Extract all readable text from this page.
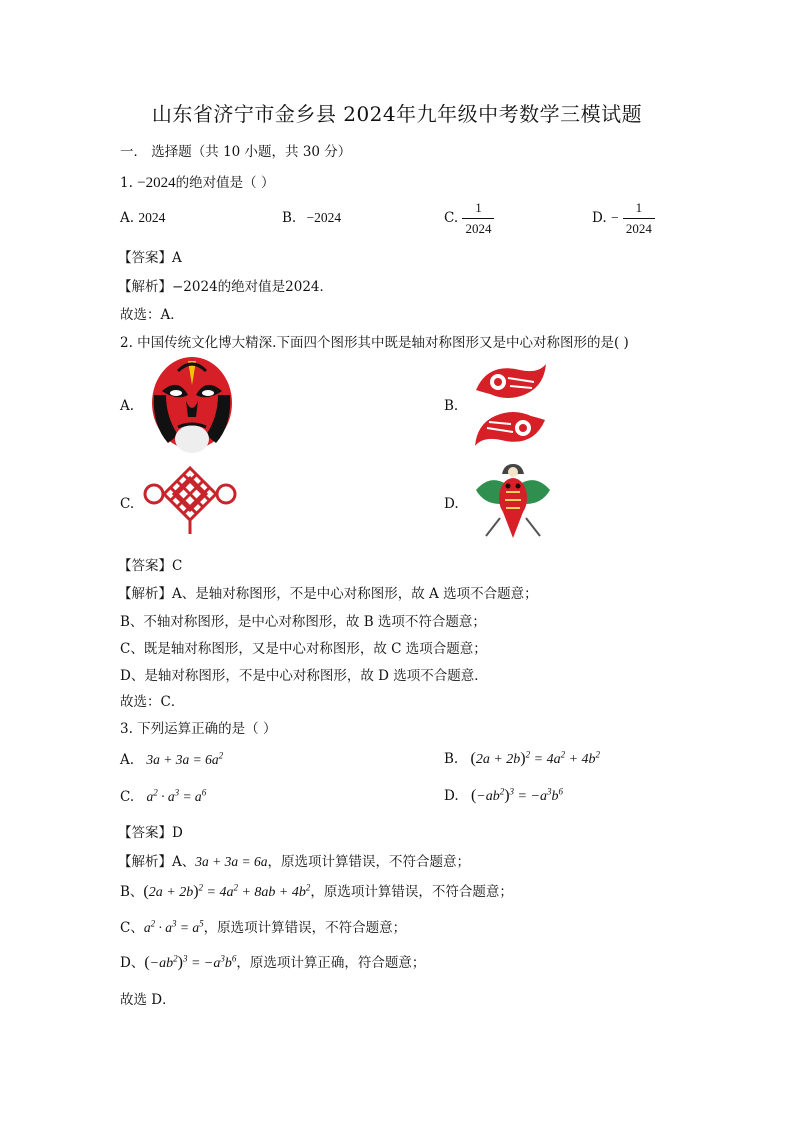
山东省济宁市金乡县 2024年九年级中考数学三模试题
一． 选择题（共 10 小题，共 30 分）
1. −2024的绝对值是（ ）
A. 2024	B. −2024	C. $\frac{1}{2024}$	D. − $\frac{1}{2024}$
【答案】A
【解析】−2024的绝对值是2024．
故选：A．
2. 中国传统文化博大精深.下面四个图形其中既是轴对称图形又是中心对称图形的是( )
A.	B.
C.	D.
【答案】C
【解析】A、是轴对称图形，不是中心对称图形，故 A 选项不合题意；
B、不轴对称图形，是中心对称图形，故 B 选项不符合题意；
C、既是轴对称图形，又是中心对称图形，故 C 选项合题意；
D、是轴对称图形，不是中心对称图形，故 D 选项不合题意．
故选：C．
3. 下列运算正确的是（ ）
A. $3a + 3a = 6a^2$	B. $(2a + 2b)^2 = 4a^2 + 4b^2$
C. $a^2 \cdot a^3 = a^6$	D. $(-ab^2)^3 = -a^3b^6$
【答案】D
【解析】A、3a + 3a = 6a，原选项计算错误，不符合题意；
B、$(2a + 2b)^2 = 4a^2 + 8ab + 4b^2$，原选项计算错误，不符合题意；
C、$a^2 \cdot a^3 = a^5$，原选项计算错误，不符合题意；
D、$(-ab^2)^3 = -a^3b^6$，原选项计算正确，符合题意；
故选 D．
